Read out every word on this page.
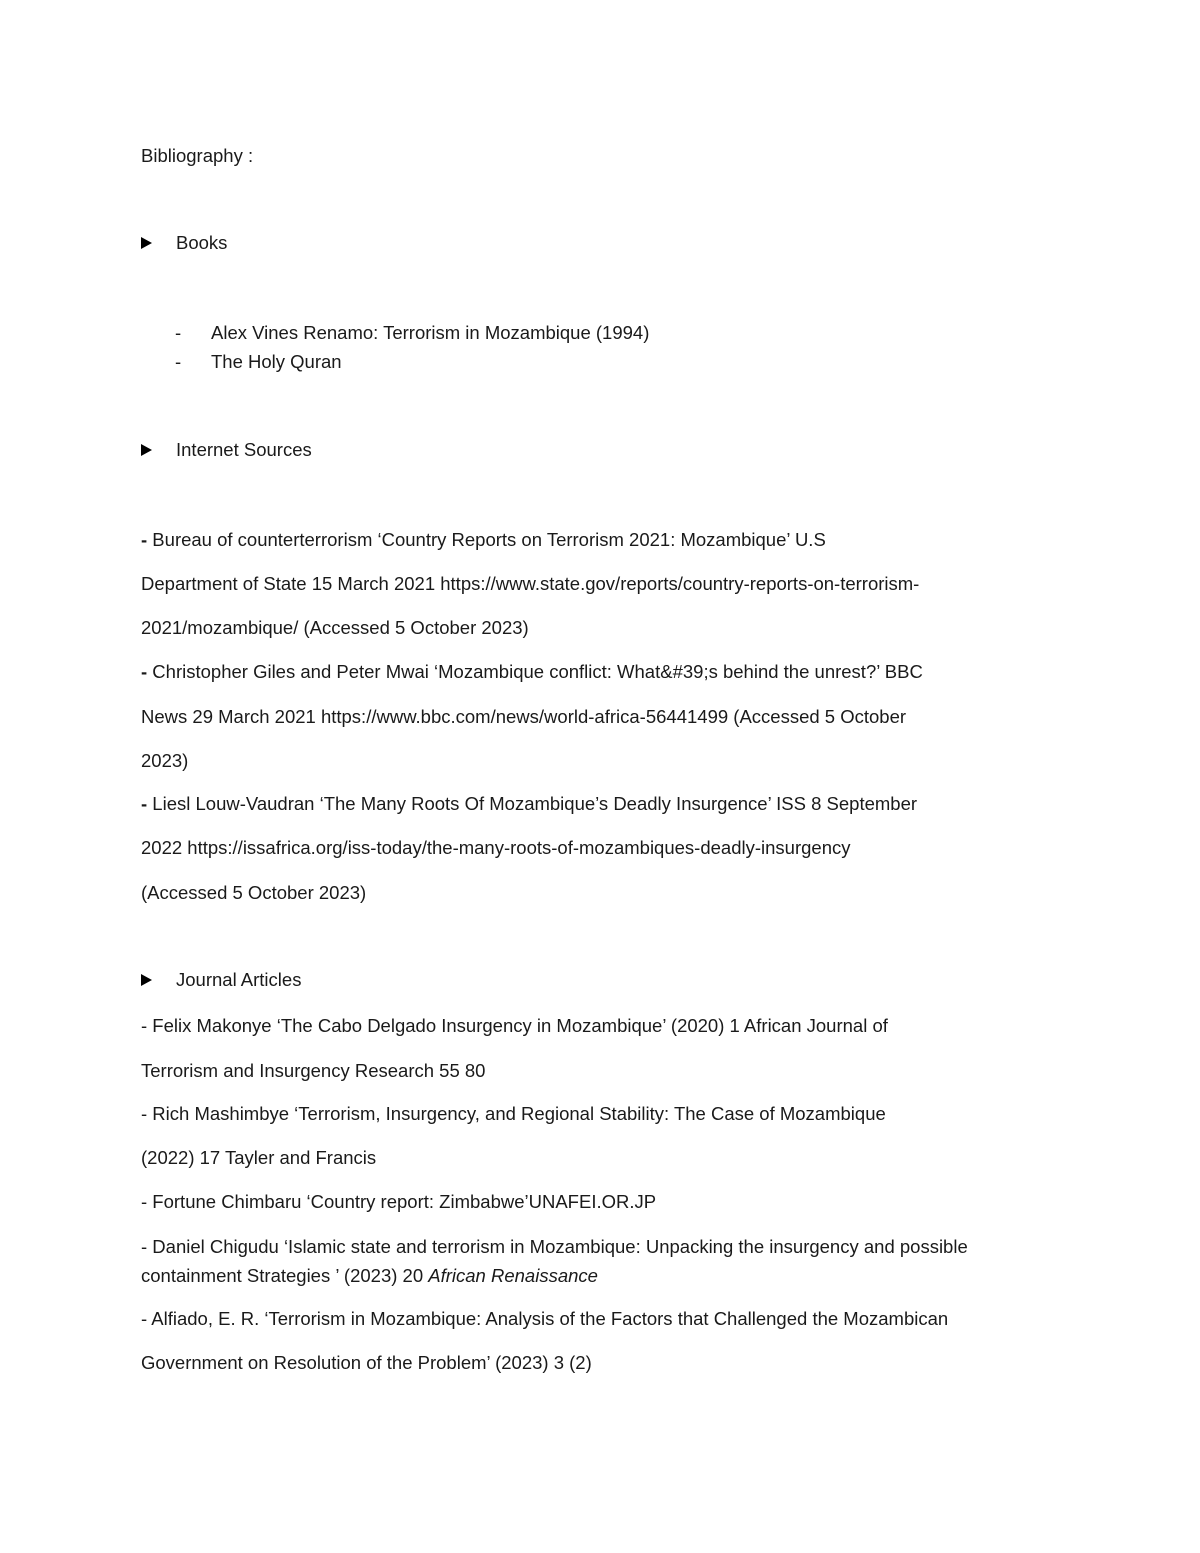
Bibliography :
Books
- Alex Vines Renamo: Terrorism in Mozambique (1994)
- The Holy Quran
Internet Sources
- Bureau of counterterrorism ‘Country Reports on Terrorism 2021: Mozambique’ U.S
Department of State 15 March 2021 https://www.state.gov/reports/country-reports-on-terrorism-
2021/mozambique/ (Accessed 5 October 2023)
- Christopher Giles and Peter Mwai ‘Mozambique conflict: What&#39;s behind the unrest?’ BBC
News 29 March 2021 https://www.bbc.com/news/world-africa-56441499 (Accessed 5 October
2023)
- Liesl Louw-Vaudran ‘The Many Roots Of Mozambique’s Deadly Insurgence’ ISS 8 September
2022 https://issafrica.org/iss-today/the-many-roots-of-mozambiques-deadly-insurgency
(Accessed 5 October 2023)
Journal Articles
- Felix Makonye ‘The Cabo Delgado Insurgency in Mozambique’ (2020) 1 African Journal of
Terrorism and Insurgency Research 55 80
- Rich Mashimbye ‘Terrorism, Insurgency, and Regional Stability: The Case of Mozambique
(2022) 17 Tayler and Francis
- Fortune Chimbaru ‘Country report: Zimbabwe’UNAFEI.OR.JP
- Daniel Chigudu ‘Islamic state and terrorism in Mozambique: Unpacking the insurgency and possible
containment Strategies ’ (2023) 20 African Renaissance
- Alfiado, E. R. ‘Terrorism in Mozambique: Analysis of the Factors that Challenged the Mozambican
Government on Resolution of the Problem’ (2023) 3 (2)
